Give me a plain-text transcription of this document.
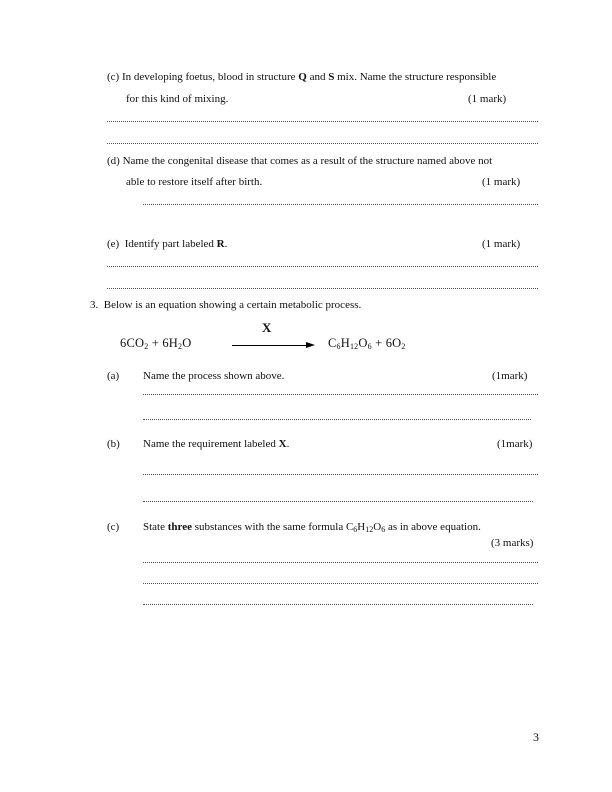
(c) In developing foetus, blood in structure Q and S mix. Name the structure responsible
for this kind of mixing.	(1 mark)
(d) Name the congenital disease that comes as a result of the structure named above not
able to restore itself after birth.	(1 mark)
(e) Identify part labeled R.	(1 mark)
3. Below is an equation showing a certain metabolic process.
X
$6CO_2 + 6H_2O$	$C_6H_{12}O_6 + 6O_2$
(a) Name the process shown above.	(1mark)
(b) Name the requirement labeled X.	(1mark)
(c) State three substances with the same formula $C_6H_{12}O_6$ as in above equation.
(3 marks)
3
